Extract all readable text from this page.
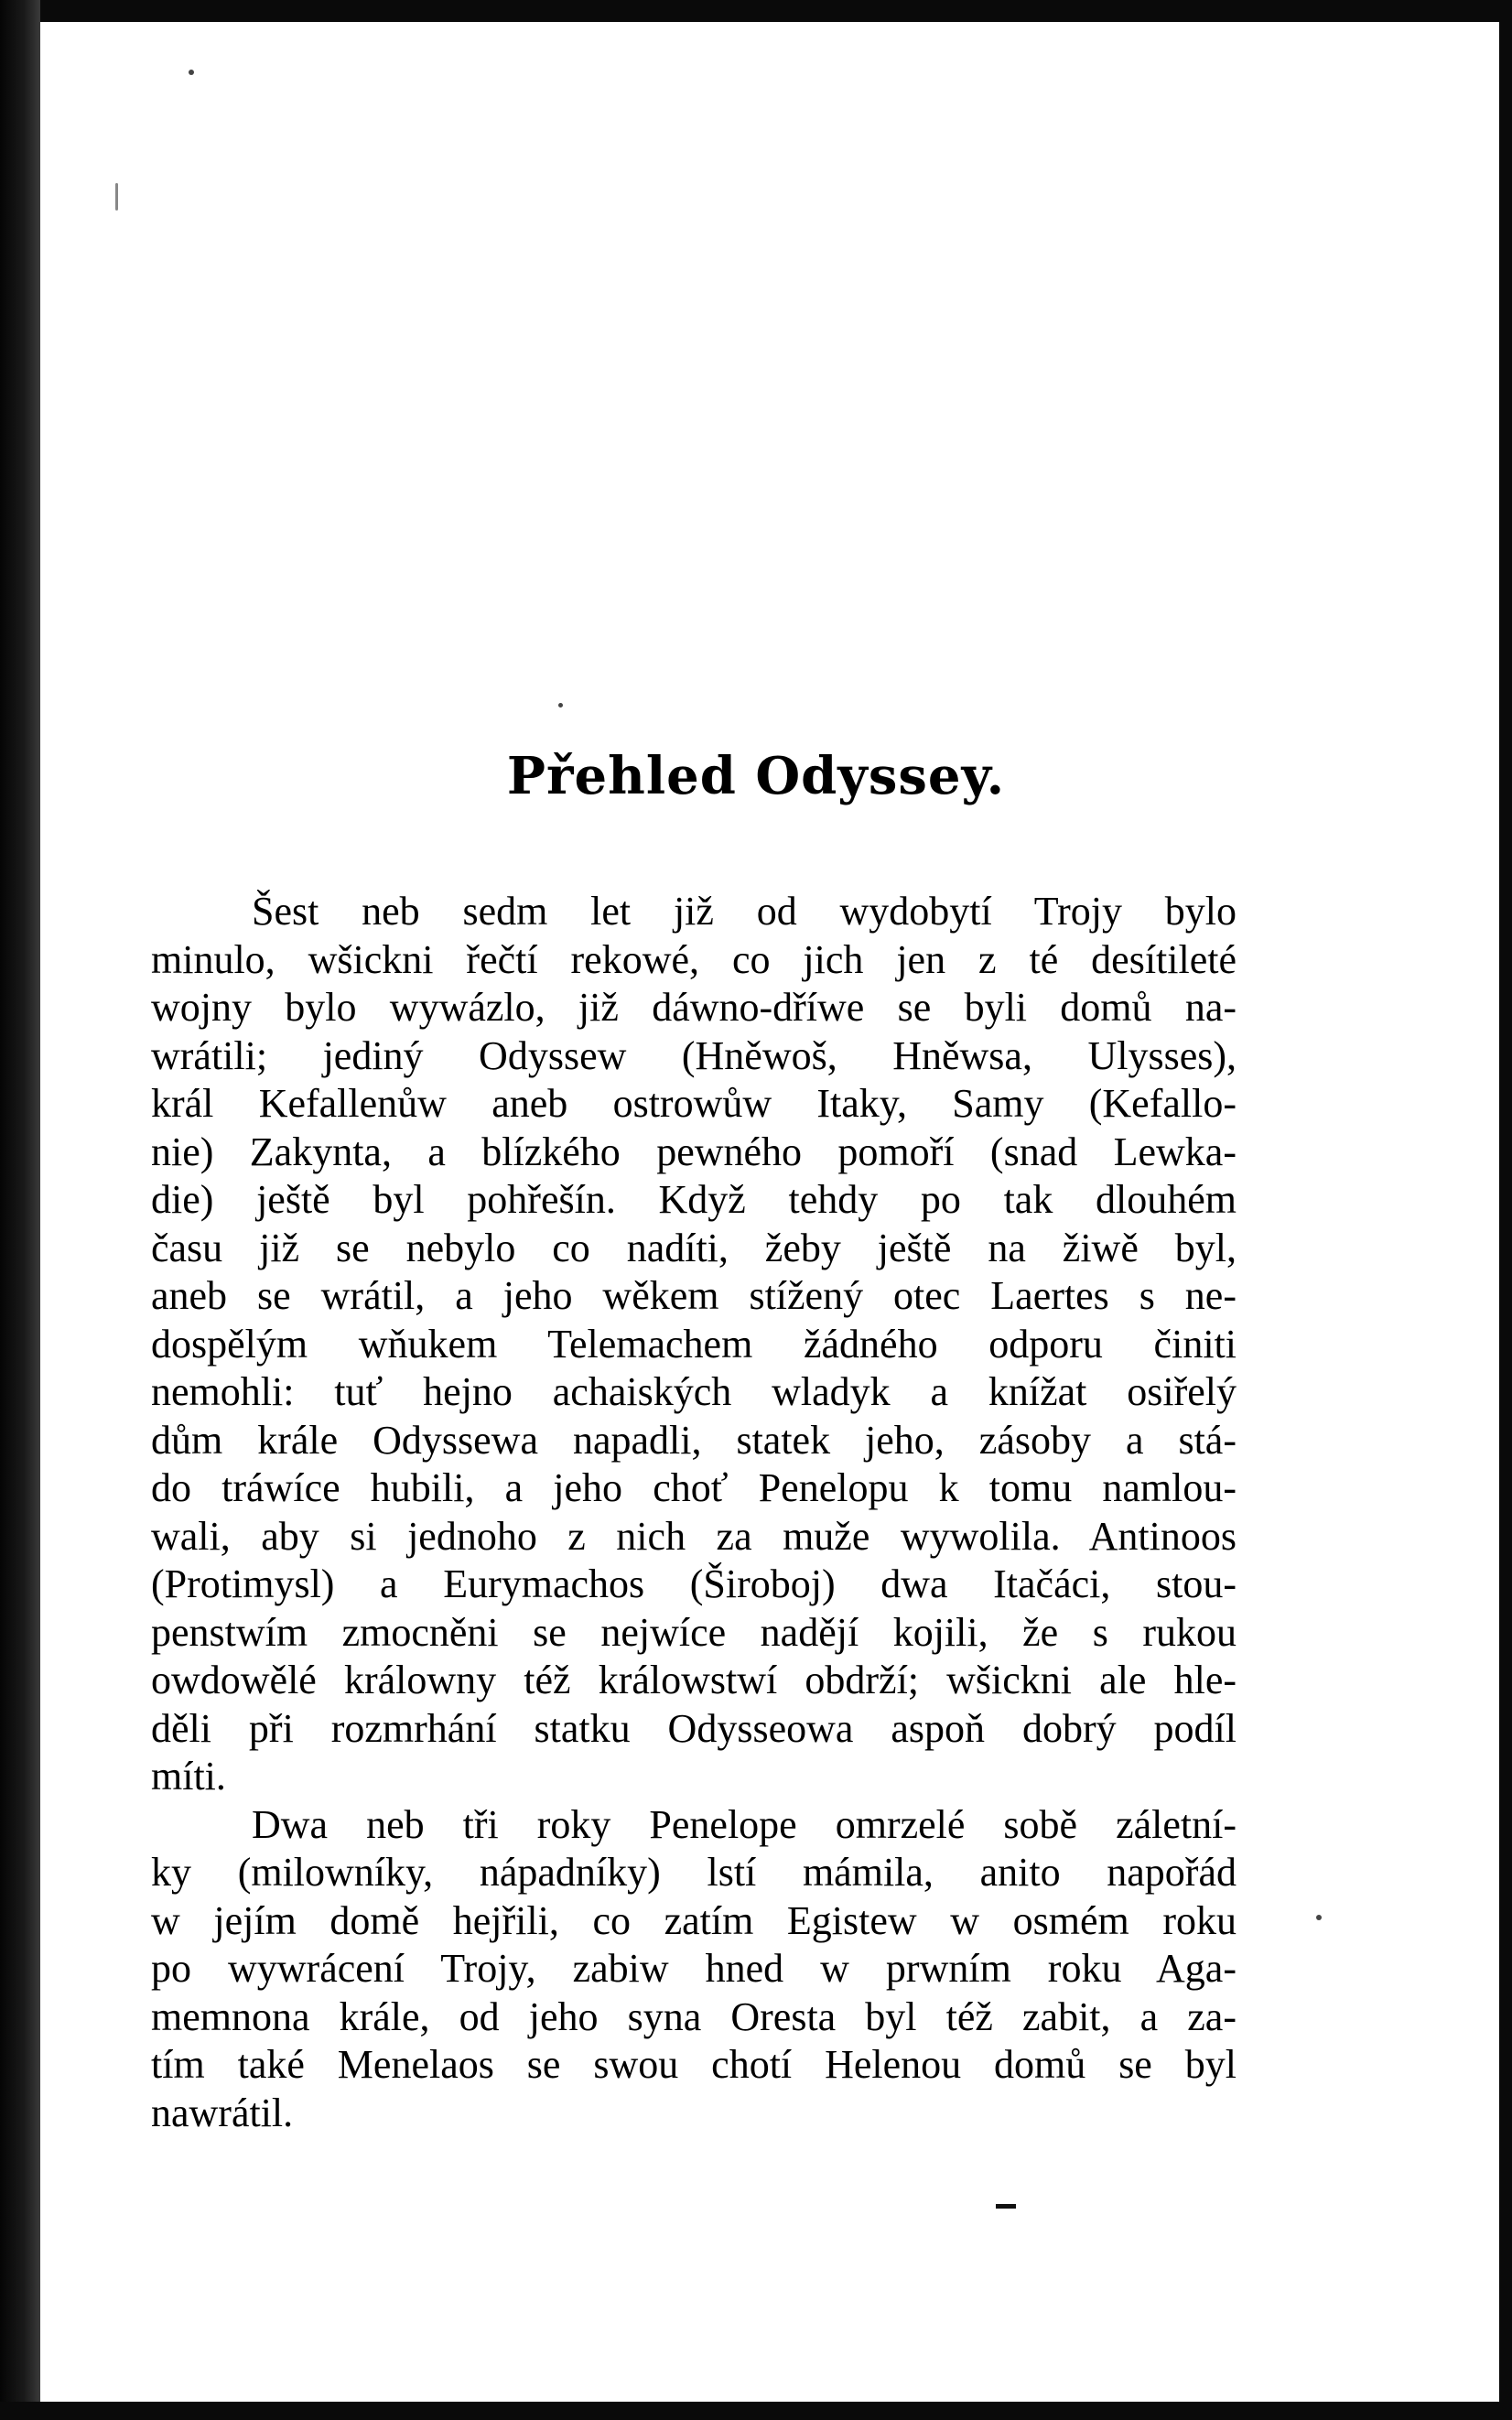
Přehled Odyssey.
Šest neb sedm let již od wydobytí Trojy bylo
minulo, wšickni řečtí rekowé, co jich jen z té desítileté
wojny bylo wywázlo, již dáwno-dříwe se byli domů na-
wrátili; jediný Odyssew (Hněwoš, Hněwsa, Ulysses),
král Kefallenůw aneb ostrowůw Itaky, Samy (Kefallo-
nie) Zakynta, a blízkého pewného pomoří (snad Lewka-
die) ještě byl pohřešín. Když tehdy po tak dlouhém
času již se nebylo co nadíti, žeby ještě na žiwě byl,
aneb se wrátil, a jeho wěkem stížený otec Laertes s ne-
dospělým wňukem Telemachem žádného odporu činiti
nemohli: tuť hejno achaiských wladyk a knížat osiřelý
dům krále Odyssewa napadli, statek jeho, zásoby a stá-
do tráwíce hubili, a jeho choť Penelopu k tomu namlou-
wali, aby si jednoho z nich za muže wywolila. Antinoos
(Protimysl) a Eurymachos (Široboj) dwa Itačáci, stou-
penstwím zmocněni se nejwíce nadějí kojili, že s rukou
owdowělé králowny též králowstwí obdrží; wšickni ale hle-
děli při rozmrhání statku Odysseowa aspoň dobrý podíl
míti.
Dwa neb tři roky Penelope omrzelé sobě záletní-
ky (milowníky, nápadníky) lstí mámila, anito napořád
w jejím domě hejřili, co zatím Egistew w osmém roku
po wywrácení Trojy, zabiw hned w prwním roku Aga-
memnona krále, od jeho syna Oresta byl též zabit, a za-
tím také Menelaos se swou chotí Helenou domů se byl
nawrátil.
